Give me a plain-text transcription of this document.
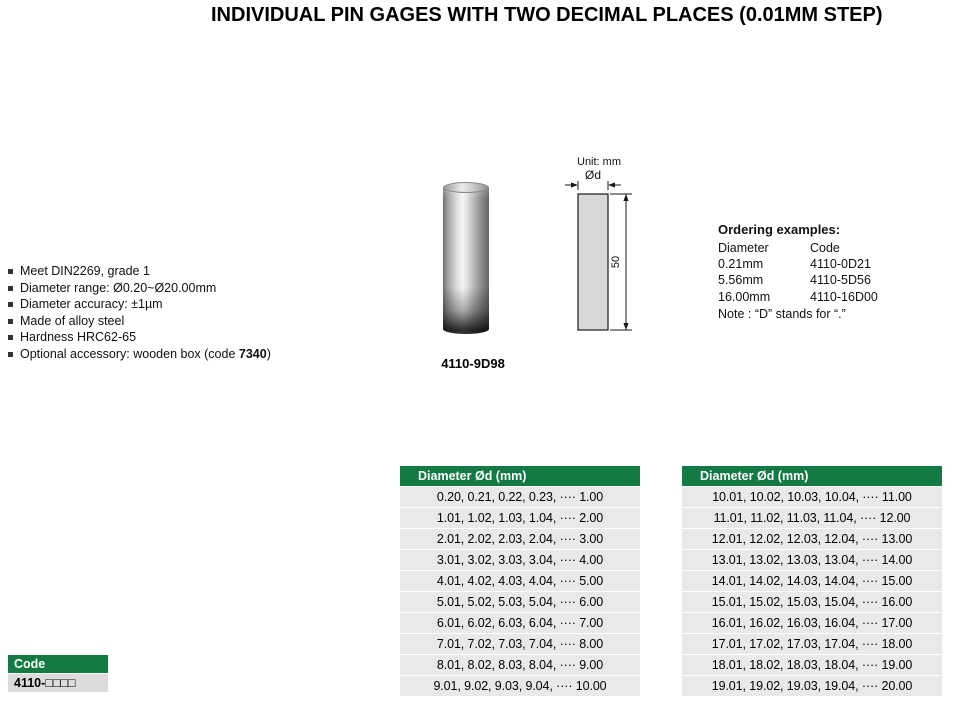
INDIVIDUAL PIN GAGES WITH TWO DECIMAL PLACES (0.01MM STEP)
Meet DIN2269, grade 1
Diameter range: Ø0.20~Ø20.00mm
Diameter accuracy: ±1µm
Made of alloy steel
Hardness HRC62-65
Optional accessory: wooden box (code 7340)
4110-9D98
Unit: mm
Ød
50
Ordering examples:
Diameter	Code
0.21mm	4110-0D21
5.56mm	4110-5D56
16.00mm	4110-16D00
Note : “D” stands for “.”
Code
4110-□□□□
Diameter Ød (mm)
0.20, 0.21, 0.22, 0.23, ···· 1.00
1.01, 1.02, 1.03, 1.04, ···· 2.00
2.01, 2.02, 2.03, 2.04, ···· 3.00
3.01, 3.02, 3.03, 3.04, ···· 4.00
4.01, 4.02, 4.03, 4.04, ···· 5.00
5.01, 5.02, 5.03, 5.04, ···· 6.00
6.01, 6.02, 6.03, 6.04, ···· 7.00
7.01, 7.02, 7.03, 7.04, ···· 8.00
8.01, 8.02, 8.03, 8.04, ···· 9.00
9.01, 9.02, 9.03, 9.04, ···· 10.00
Diameter Ød (mm)
10.01, 10.02, 10.03, 10.04, ···· 11.00
11.01, 11.02, 11.03, 11.04, ···· 12.00
12.01, 12.02, 12.03, 12.04, ···· 13.00
13.01, 13.02, 13.03, 13.04, ···· 14.00
14.01, 14.02, 14.03, 14.04, ···· 15.00
15.01, 15.02, 15.03, 15.04, ···· 16.00
16.01, 16.02, 16.03, 16.04, ···· 17.00
17.01, 17.02, 17.03, 17.04, ···· 18.00
18.01, 18.02, 18.03, 18.04, ···· 19.00
19.01, 19.02, 19.03, 19.04, ···· 20.00
